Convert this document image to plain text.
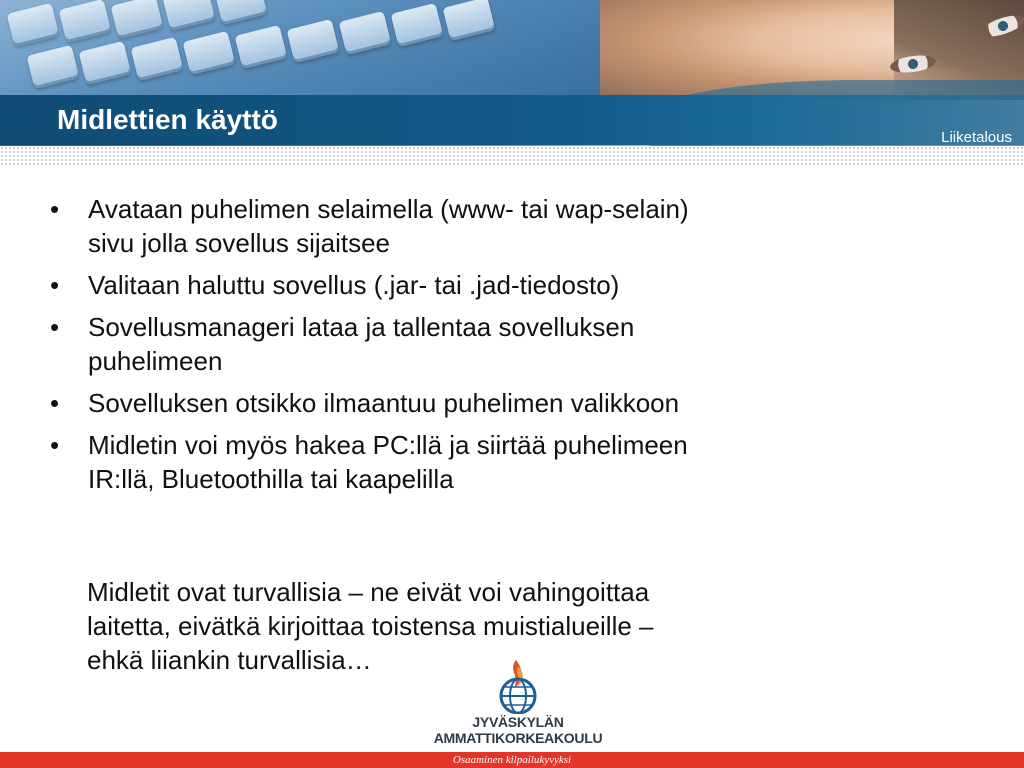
Midlettien käyttö
Liiketalous
• Avataan puhelimen selaimella (www- tai wap-selain)
sivu jolla sovellus sijaitsee
• Valitaan haluttu sovellus (.jar- tai .jad-tiedosto)
• Sovellusmanageri lataa ja tallentaa sovelluksen
puhelimeen
• Sovelluksen otsikko ilmaantuu puhelimen valikkoon
• Midletin voi myös hakea PC:llä ja siirtää puhelimeen
IR:llä, Bluetoothilla tai kaapelilla
Midletit ovat turvallisia – ne eivät voi vahingoittaa
laitetta, eivätkä kirjoittaa toistensa muistialueille –
ehkä liiankin turvallisia…
JYVÄSKYLÄN
AMMATTIKORKEAKOULU
Osaaminen kilpailukyvyksi
